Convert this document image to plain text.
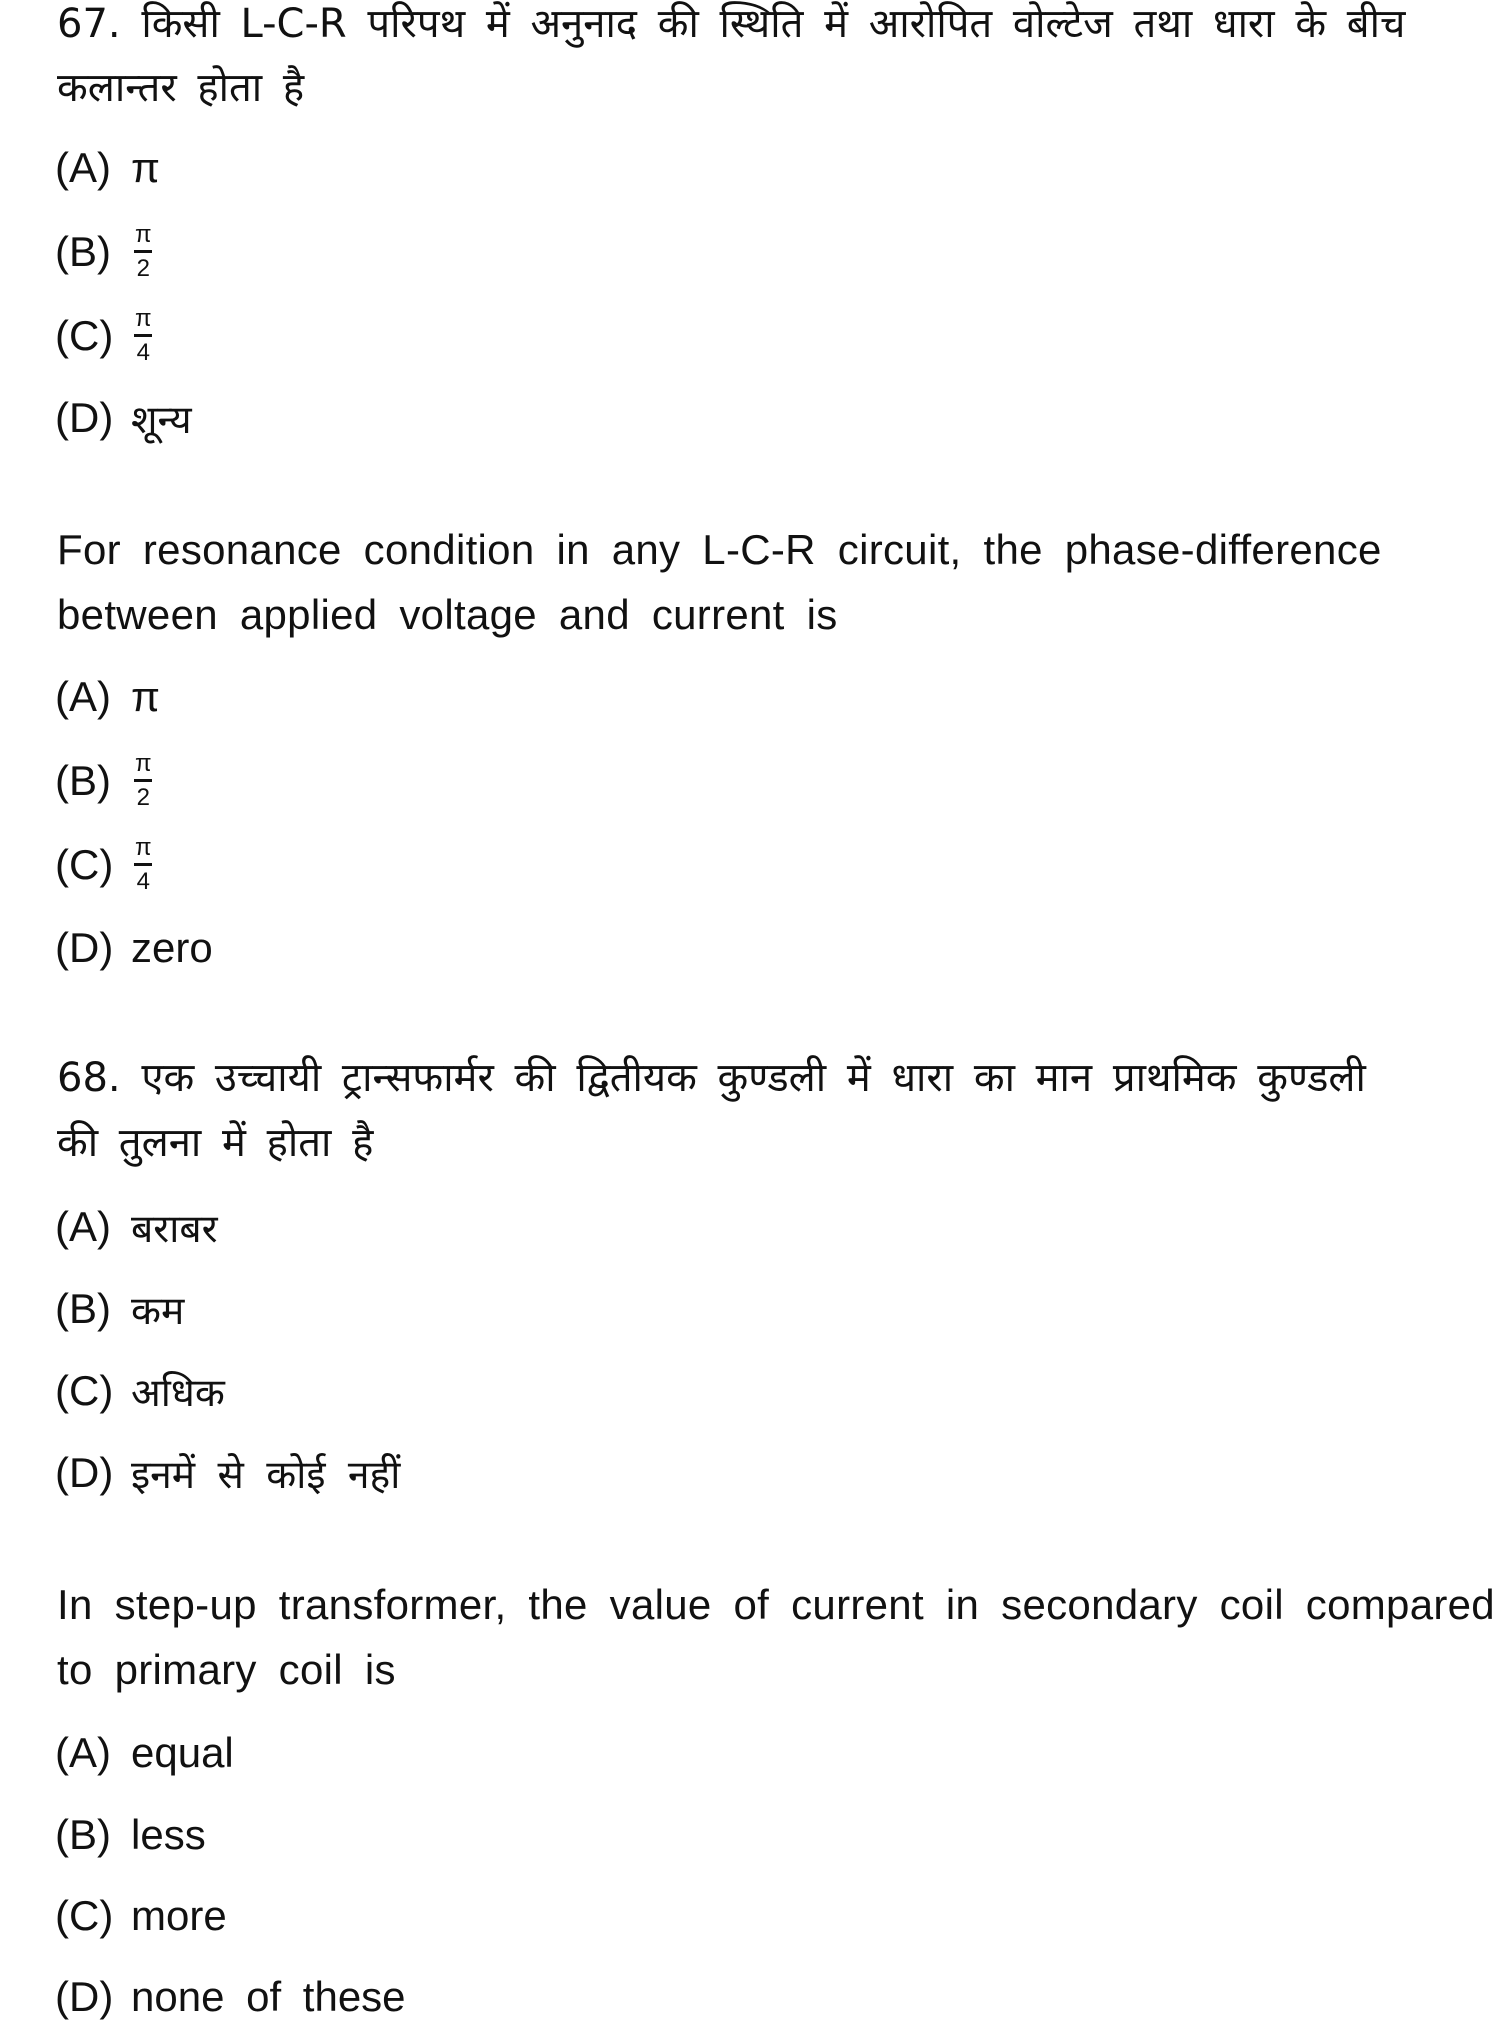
67. किसी L-C-R परिपथ में अनुनाद की स्थिति में आरोपित वोल्टेज तथा धारा के बीच
कलान्तर होता है
(A) π
$(B) \frac{\pi}{2}$
$(C) \frac{\pi}{4}$
(D) शून्य
For resonance condition in any L-C-R circuit, the phase-difference
between applied voltage and current is
(A) π
$(B) \frac{\pi}{2}$
$(C) \frac{\pi}{4}$
(D) zero
68. एक उच्चायी ट्रान्सफार्मर की द्वितीयक कुण्डली में धारा का मान प्राथमिक कुण्डली
की तुलना में होता है
(A) बराबर
(B) कम
(C) अधिक
(D) इनमें से कोई नहीं
In step-up transformer, the value of current in secondary coil compared
to primary coil is
(A) equal
(B) less
(C) more
(D) none of these
